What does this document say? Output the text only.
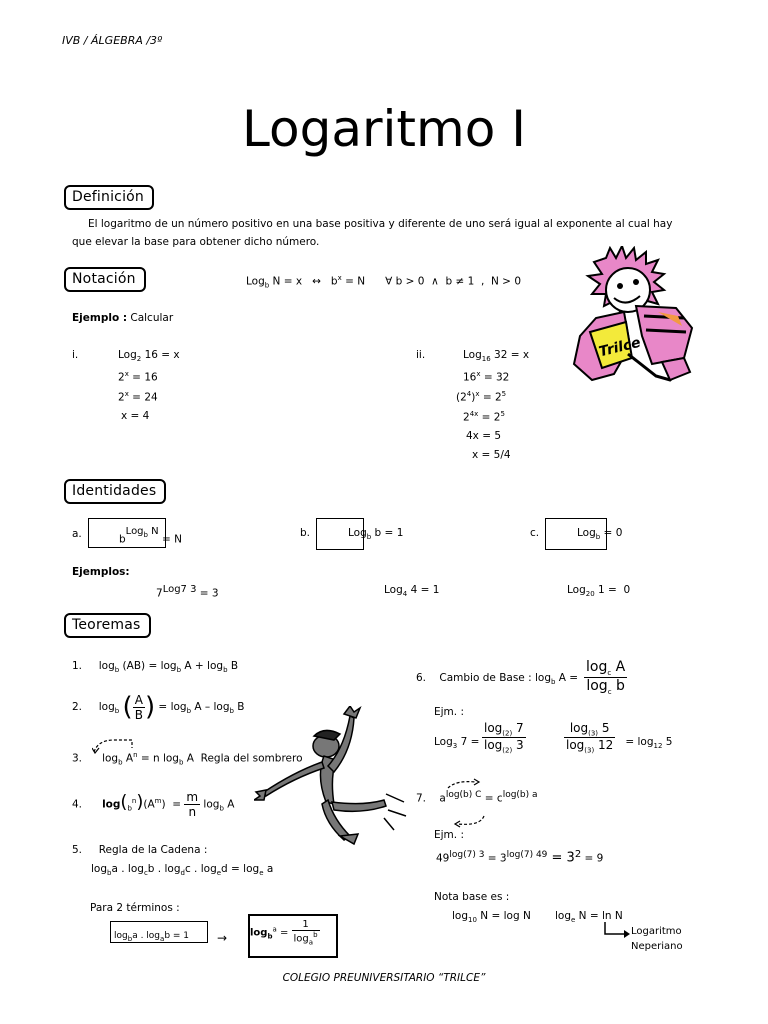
IVB / ÁLGEBRA /3º
Logaritmo I
Definición
El logaritmo de un número positivo en una base positiva y diferente de uno será igual al exponente al cual hay
que elevar la base para obtener dicho número.
Notación	Log$_b$ N = x   ↔   $b^x = N$      ∀ b > 0  ∧  b ≠ 1  ,  N > 0
Ejemplo : Calcular
i.	Log$_2$ 16 = x
$2^x = 16$
$2^x = 24$
x = 4
ii.	Log$_{16}$ 32 = x
$16^x = 32$
$(2^4)^x = 2^5$
$2^{4x} = 2^5$
4x = 5
x = 5/4
Trilce
Identidades
a.	$b^{Log_b N} = N$
b.	Log$_b$ b = 1	c.	Log$_b$ = 0
Ejemplos:
$7^{Log7 3} = 3$	Log$_4$ 4 = 1	Log$_{20}$ 1 =  0
Teoremas
1. $\log_b (AB) = \log_b A + \log_b B$
2. $\log_b$ ( $\frac{A}{B}$ ) = $\log_b A - \log_b B$
3. $\log_b A^n = n$ $\log_b A$  Regla del sombrero
4. $\log(_b^n)(A^m) = \frac{m}{n} \log_b A$
5. Regla de la Cadena :
$\log_ba$ . $\log_cb$ . $\log_dc$ . $\log_ed = \log_e a$
Para 2 términos :
$\log_ba$ . $\log_ab = 1 \to \log_b^a = \frac{1}{\log_a^b}$
6. Cambio de Base : $\log_b A = \frac{\log_c A}{\log_c b}$
Ejm. :
Log$_3$ $7 = \frac{\log_{(2)} 7}{\log_{(2)} 3}$	$\frac{\log_{(3)} 5}{\log_{(3)} 12} = \log_{12} 5$
7. $a^{log(b) C} = c^{log(b) a}$
Ejm. :
$49^{log(7) 3} = 3^{log(7) 49} = 3^2 = 9$
Nota base es :
$\log_{10} N = \log N$ $\log_e N = \ln N$
Logaritmo
Neperiano
COLEGIO PREUNIVERSITARIO “TRILCE”
